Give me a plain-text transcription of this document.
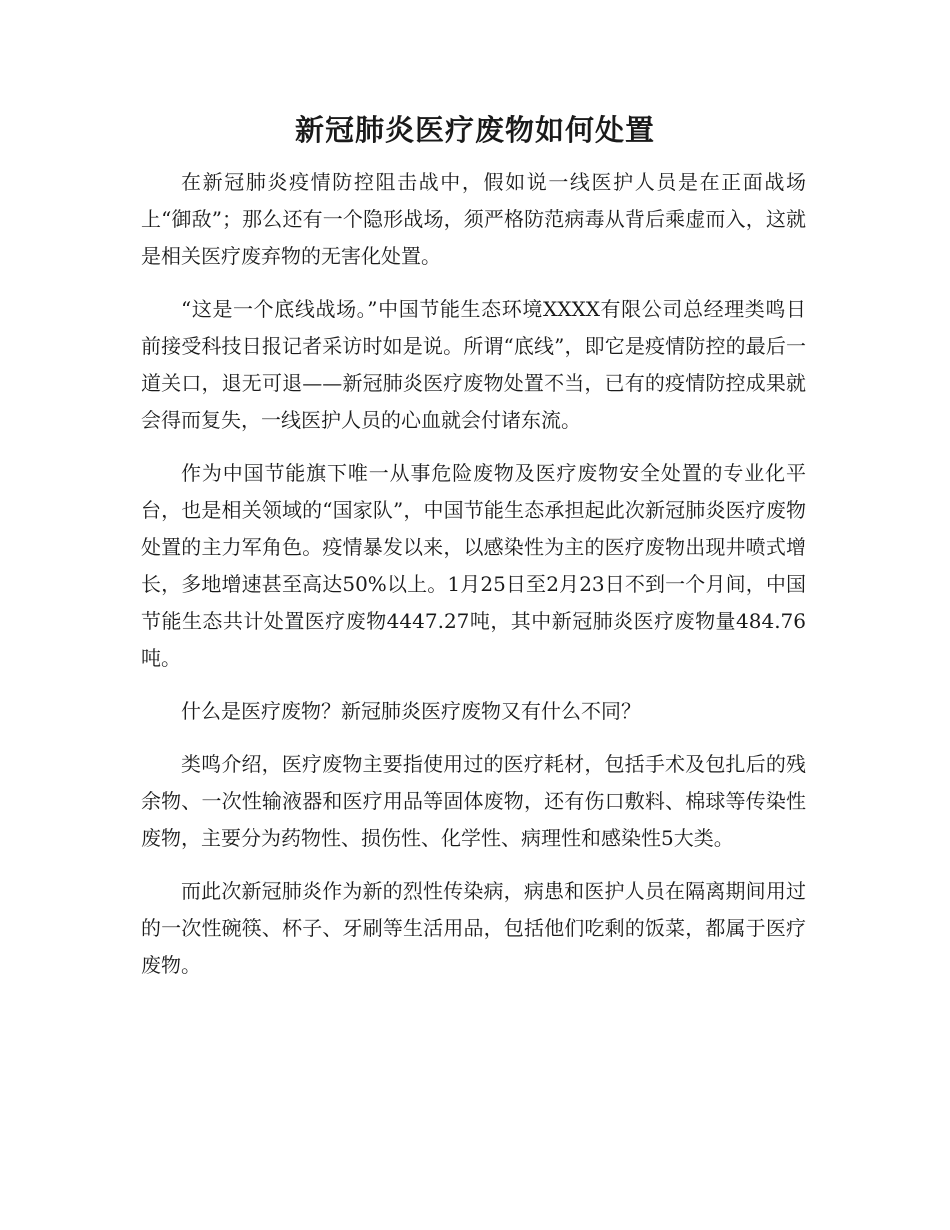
新冠肺炎医疗废物如何处置

在新冠肺炎疫情防控阻击战中，假如说一线医护人员是在正面战场上“御敌”；那么还有一个隐形战场，须严格防范病毒从背后乘虚而入，这就是相关医疗废弃物的无害化处置。

“这是一个底线战场。”中国节能生态环境XXXX有限公司总经理类鸣日前接受科技日报记者采访时如是说。所谓“底线”，即它是疫情防控的最后一道关口，退无可退——新冠肺炎医疗废物处置不当，已有的疫情防控成果就会得而复失，一线医护人员的心血就会付诸东流。

作为中国节能旗下唯一从事危险废物及医疗废物安全处置的专业化平台，也是相关领域的“国家队”，中国节能生态承担起此次新冠肺炎医疗废物处置的主力军角色。疫情暴发以来，以感染性为主的医疗废物出现井喷式增长，多地增速甚至高达50%以上。1月25日至2月23日不到一个月间，中国节能生态共计处置医疗废物4447.27吨，其中新冠肺炎医疗废物量484.76吨。

什么是医疗废物？新冠肺炎医疗废物又有什么不同？

类鸣介绍，医疗废物主要指使用过的医疗耗材，包括手术及包扎后的残余物、一次性输液器和医疗用品等固体废物，还有伤口敷料、棉球等传染性废物，主要分为药物性、损伤性、化学性、病理性和感染性5大类。

而此次新冠肺炎作为新的烈性传染病，病患和医护人员在隔离期间用过的一次性碗筷、杯子、牙刷等生活用品，包括他们吃剩的饭菜，都属于医疗废物。
